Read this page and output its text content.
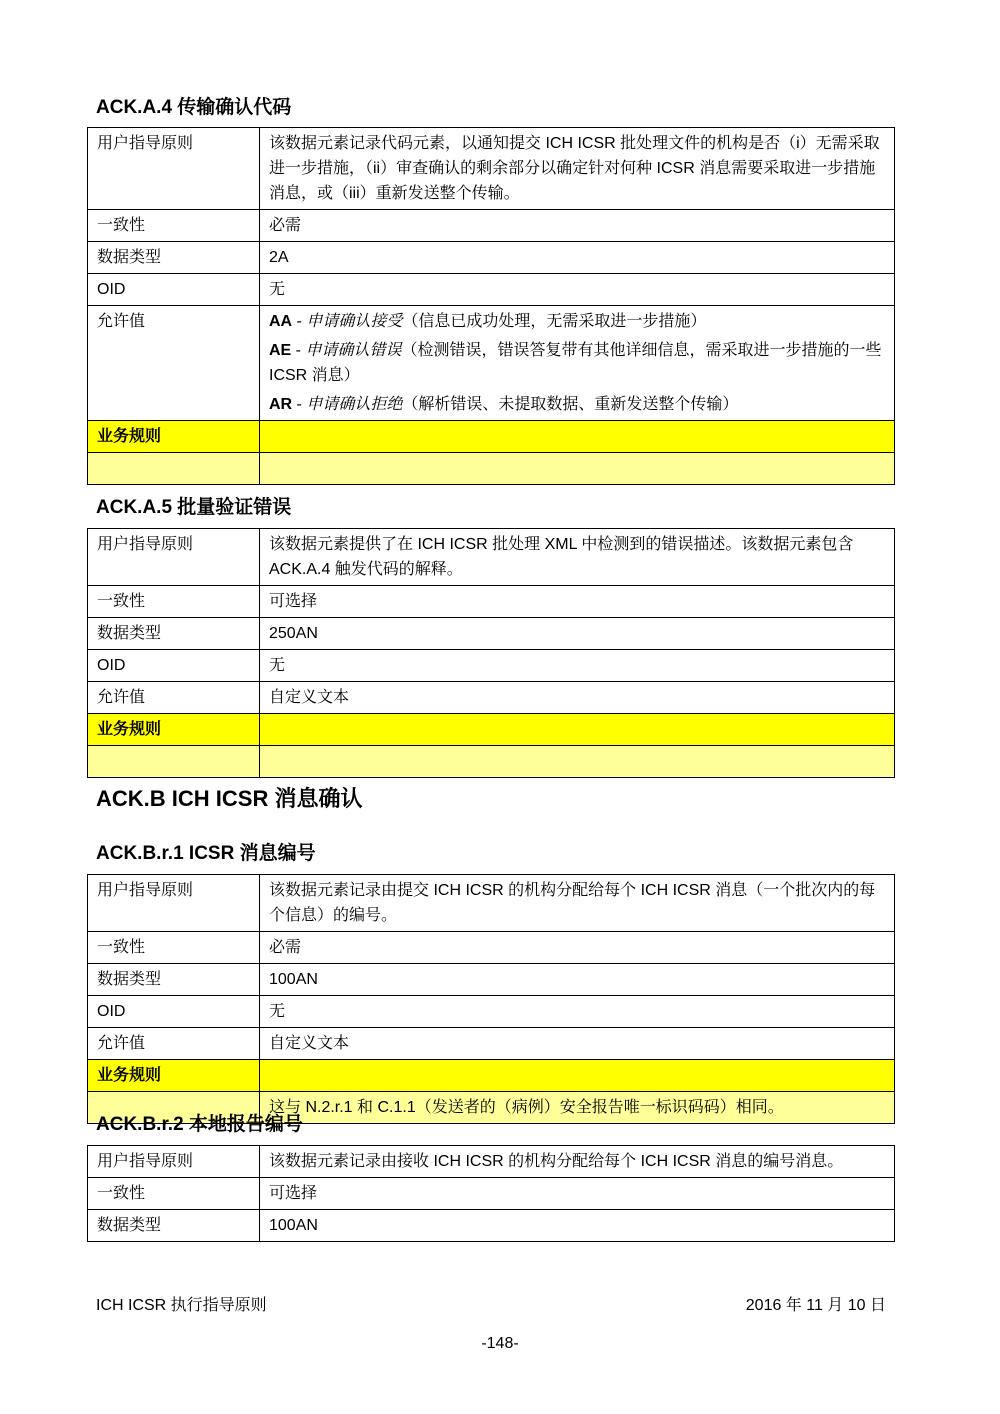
ACK.A.4 传输确认代码
用户指导原则	该数据元素记录代码元素，以通知提交 ICH ICSR 批处理文件的机构是否（i）无需采取进一步措施，（ii）审查确认的剩余部分以确定针对何种 ICSR 消息需要采取进一步措施消息，或（iii）重新发送整个传输。
一致性	必需
数据类型	2A
OID	无
允许值	AA - 申请确认接受（信息已成功处理，无需采取进一步措施）
AE - 申请确认错误（检测错误，错误答复带有其他详细信息，需采取进一步措施的一些 ICSR 消息）
AR - 申请确认拒绝（解析错误、未提取数据、重新发送整个传输）

业务规则	

ACK.A.5 批量验证错误
用户指导原则	该数据元素提供了在 ICH ICSR 批处理 XML 中检测到的错误描述。该数据元素包含 ACK.A.4 触发代码的解释。
一致性	可选择
数据类型	250AN
OID	无
允许值	自定义文本
业务规则	

ACK.B ICH ICSR 消息确认
ACK.B.r.1 ICSR 消息编号
用户指导原则	该数据元素记录由提交 ICH ICSR 的机构分配给每个 ICH ICSR 消息（一个批次内的每个信息）的编号。
一致性	必需
数据类型	100AN
OID	无
允许值	自定义文本
业务规则	
	这与 N.2.r.1 和 C.1.1（发送者的（病例）安全报告唯一标识码码）相同。
ACK.B.r.2 本地报告编号
用户指导原则	该数据元素记录由接收 ICH ICSR 的机构分配给每个 ICH ICSR 消息的编号消息。
一致性	可选择
数据类型	100AN
ICH ICSR 执行指导原则	2016 年 11 月 10 日
-148-
